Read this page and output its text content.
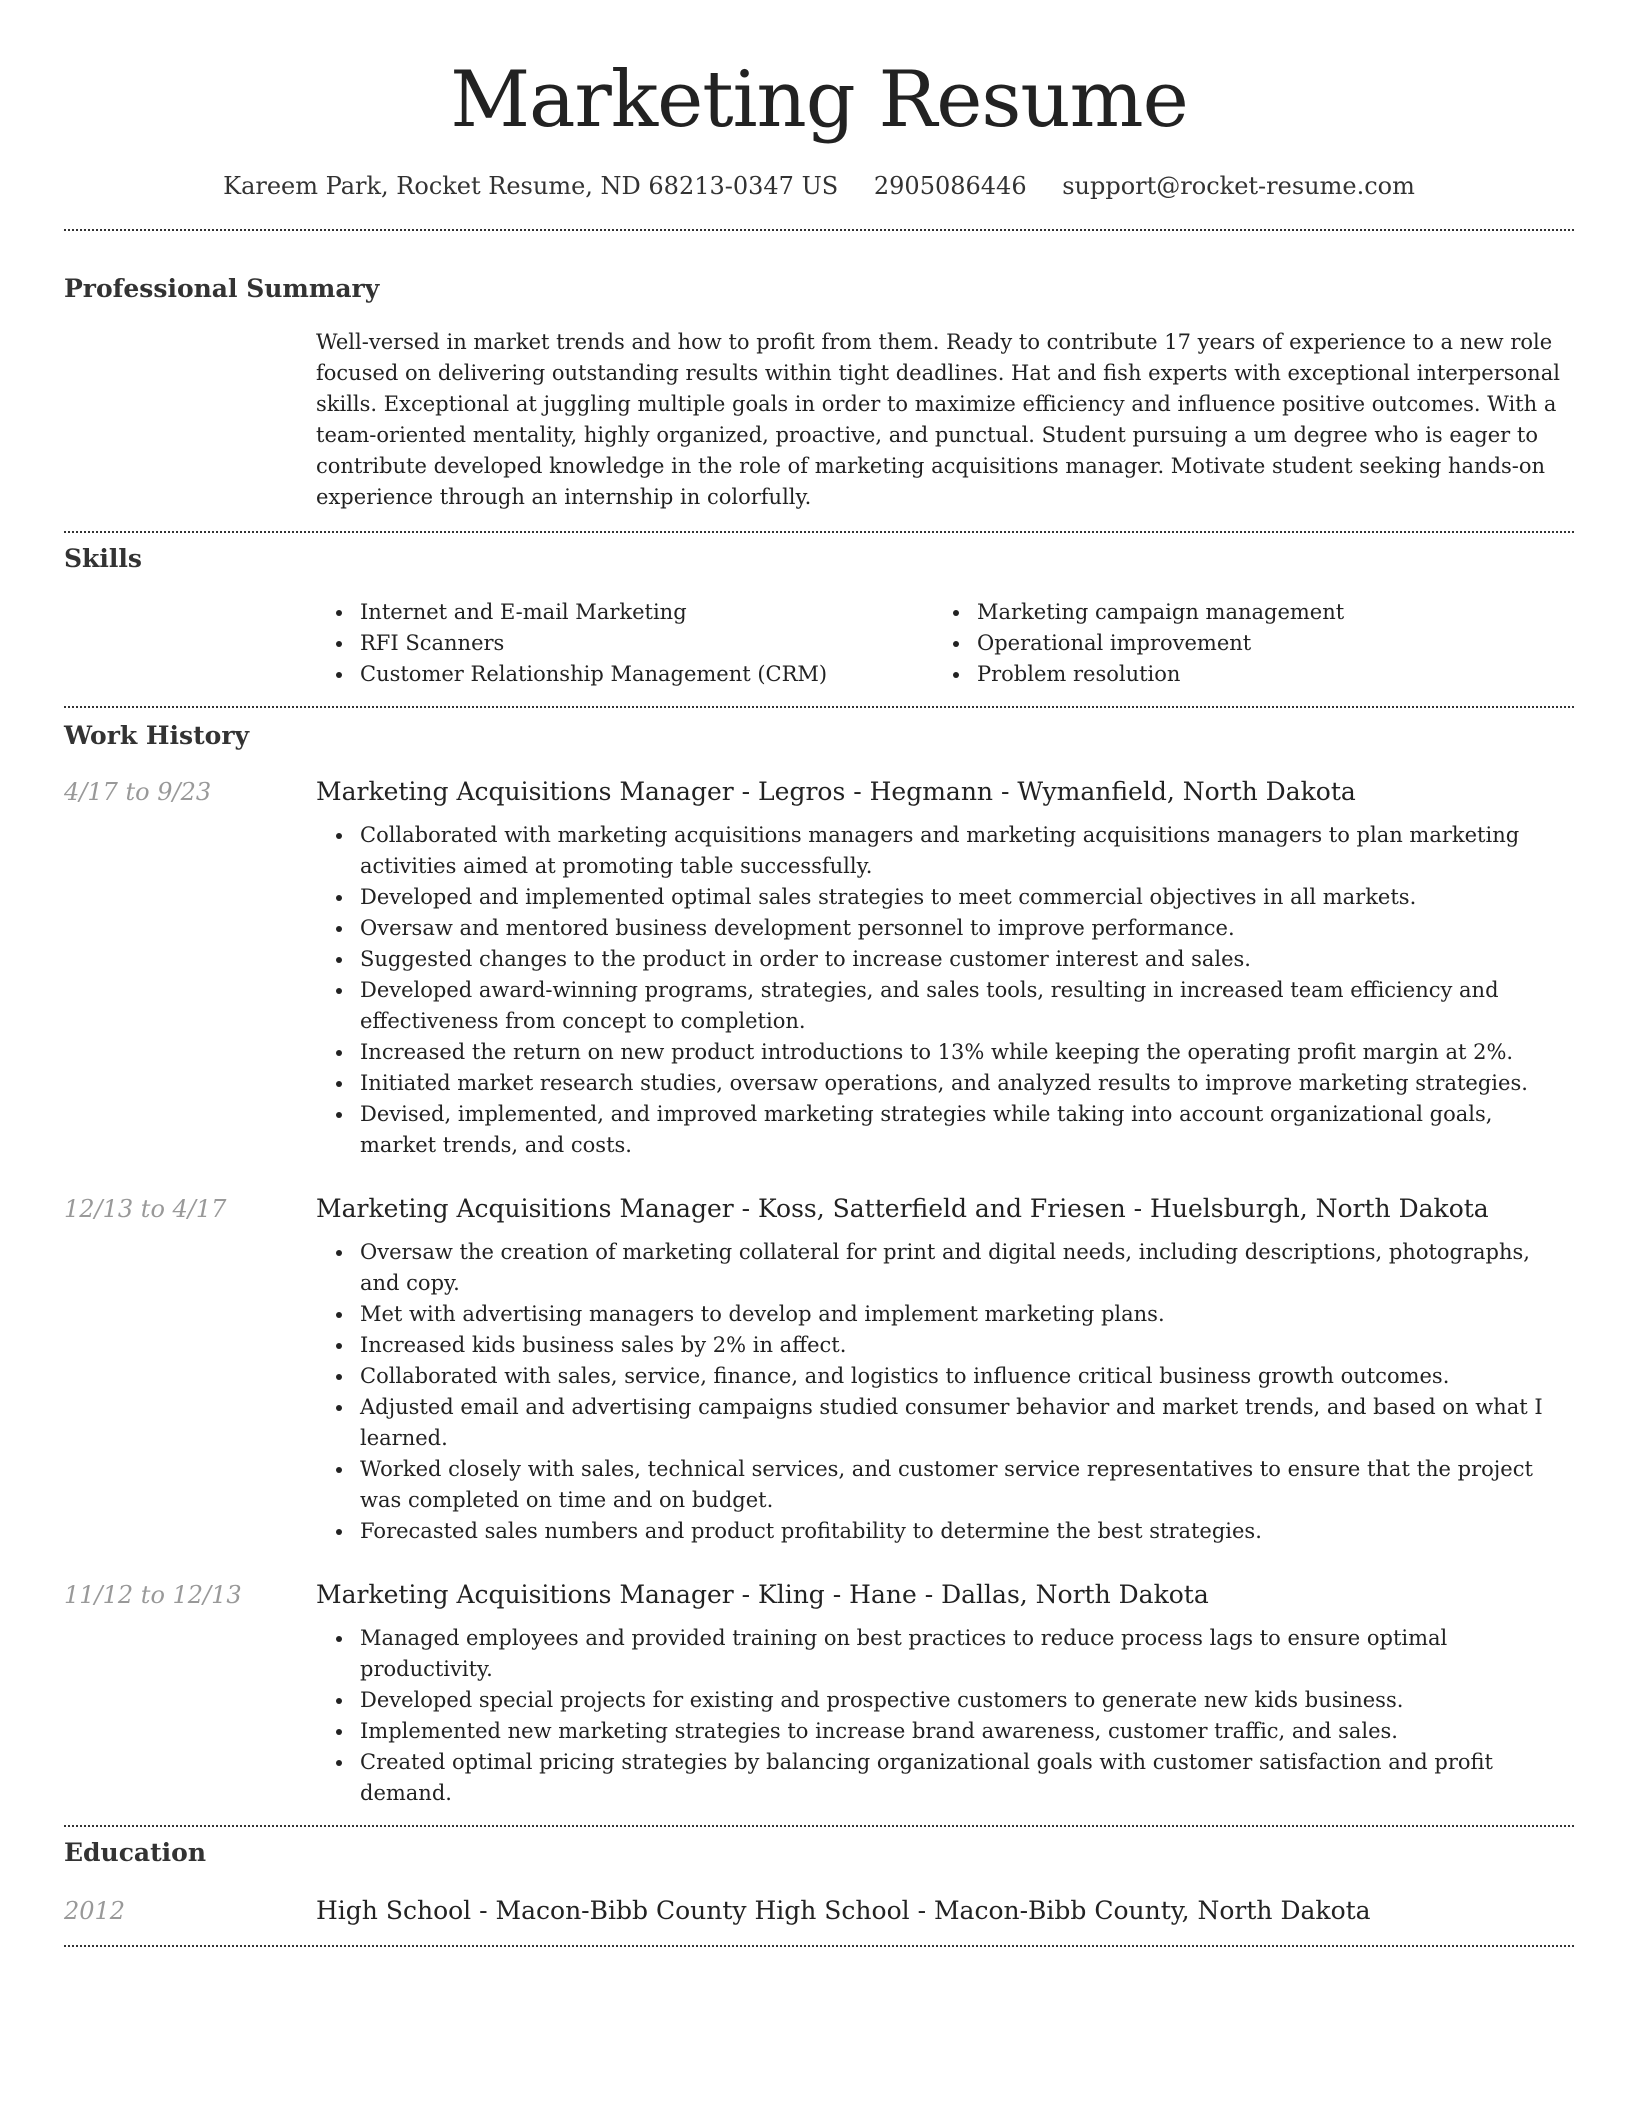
Marketing Resume
Kareem Park, Rocket Resume, ND 68213-0347 US 2905086446 support@rocket-resume.com
Professional Summary

Well-versed in market trends and how to profit from them. Ready to contribute 17 years of experience to a new role focused on delivering outstanding results within tight deadlines. Hat and fish experts with exceptional interpersonal skills. Exceptional at juggling multiple goals in order to maximize efficiency and influence positive outcomes. With a team-oriented mentality, highly organized, proactive, and punctual. Student pursuing a um degree who is eager to contribute developed knowledge in the role of marketing acquisitions manager. Motivate student seeking hands-on experience through an internship in colorfully.

Skills
Internet and E-mail Marketing
RFI Scanners
Customer Relationship Management (CRM)
Marketing campaign management
Operational improvement
Problem resolution
Work History
4/17 to 9/23	Marketing Acquisitions Manager - Legros - Hegmann - Wymanfield, North Dakota
Collaborated with marketing acquisitions managers and marketing acquisitions managers to plan marketing activities aimed at promoting table successfully.
Developed and implemented optimal sales strategies to meet commercial objectives in all markets.
Oversaw and mentored business development personnel to improve performance.
Suggested changes to the product in order to increase customer interest and sales.
Developed award-winning programs, strategies, and sales tools, resulting in increased team efficiency and effectiveness from concept to completion.
Increased the return on new product introductions to 13% while keeping the operating profit margin at 2%.
Initiated market research studies, oversaw operations, and analyzed results to improve marketing strategies.
Devised, implemented, and improved marketing strategies while taking into account organizational goals, market trends, and costs.
12/13 to 4/17	Marketing Acquisitions Manager - Koss, Satterfield and Friesen - Huelsburgh, North Dakota
Oversaw the creation of marketing collateral for print and digital needs, including descriptions, photographs, and copy.
Met with advertising managers to develop and implement marketing plans.
Increased kids business sales by 2% in affect.
Collaborated with sales, service, finance, and logistics to influence critical business growth outcomes.
Adjusted email and advertising campaigns studied consumer behavior and market trends, and based on what I learned.
Worked closely with sales, technical services, and customer service representatives to ensure that the project was completed on time and on budget.
Forecasted sales numbers and product profitability to determine the best strategies.
11/12 to 12/13	Marketing Acquisitions Manager - Kling - Hane - Dallas, North Dakota
Managed employees and provided training on best practices to reduce process lags to ensure optimal productivity.
Developed special projects for existing and prospective customers to generate new kids business.
Implemented new marketing strategies to increase brand awareness, customer traffic, and sales.
Created optimal pricing strategies by balancing organizational goals with customer satisfaction and profit demand.
Education
2012	High School - Macon-Bibb County High School - Macon-Bibb County, North Dakota
